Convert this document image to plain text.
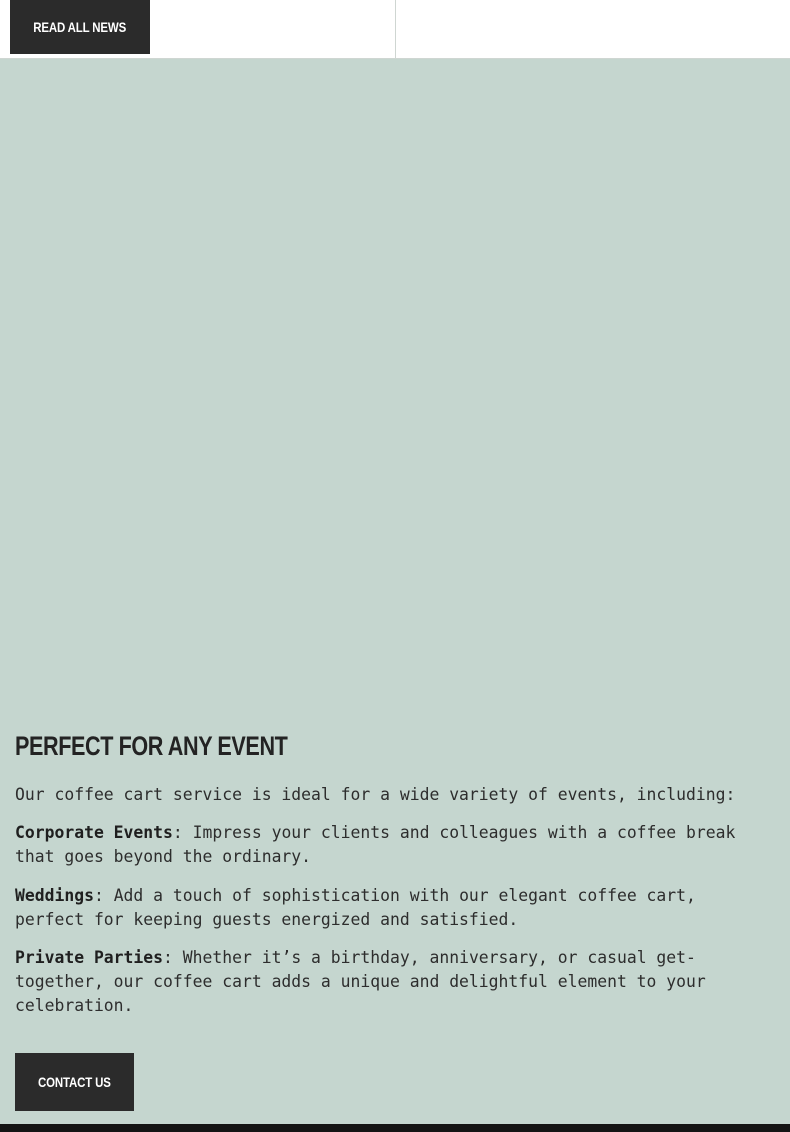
READ ALL NEWS
PERFECT FOR ANY EVENT

Our coffee cart service is ideal for a wide variety of events, including:

Corporate Events: Impress your clients and colleagues with a coffee break that goes beyond the ordinary.

Weddings: Add a touch of sophistication with our elegant coffee cart, perfect for keeping guests energized and satisfied.

Private Parties: Whether it’s a birthday, anniversary, or casual get-together, our coffee cart adds a unique and delightful element to your celebration.

CONTACT US
